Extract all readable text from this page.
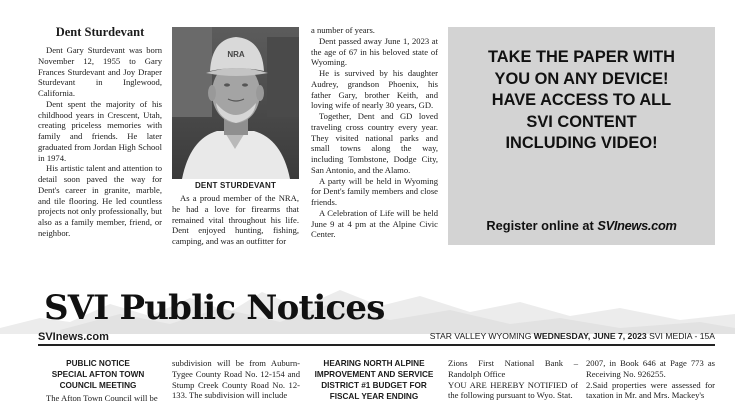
Dent Sturdevant

Dent Gary Sturdevant was born November 12, 1955 to Gary Frances Sturdevant and Joy Draper Sturdevant in Inglewood, California.

Dent spent the majority of his childhood years in Crescent, Utah, creating priceless memories with family and friends. He later graduated from Jordan High School in 1974.

His artistic talent and attention to detail soon paved the way for Dent's career in granite, marble, and tile flooring. He led countless projects not only professionally, but also as a family member, friend, or neighbor.

NRA
DENT STURDEVANT

As a proud member of the NRA, he had a love for firearms that remained vital throughout his life. Dent enjoyed hunting, fishing, camping, and was an outfitter for

a number of years.

Dent passed away June 1, 2023 at the age of 67 in his beloved state of Wyoming.

He is survived by his daughter Audrey, grandson Phoenix, his father Gary, brother Keith, and loving wife of nearly 30 years, GD.

Together, Dent and GD loved traveling cross country every year. They visited national parks and small towns along the way, including Tombstone, Dodge City, San Antonio, and the Alamo.

A party will be held in Wyoming for Dent's family members and close friends.

A Celebration of Life will be held June 9 at 4 pm at the Alpine Civic Center.

TAKE THE PAPER WITH
YOU ON ANY DEVICE!
HAVE ACCESS TO ALL
SVI CONTENT
INCLUDING VIDEO!
Register online at SVInews.com
SVI Public Notices
SVInews.com	STAR VALLEY WYOMING WEDNESDAY, JUNE 7, 2023 SVI MEDIA - 15A
PUBLIC NOTICE
SPECIAL AFTON TOWN
COUNCIL MEETING

The Afton Town Council will be

subdivision will be from Auburn-Tygee County Road No. 12-154 and Stump Creek County Road No. 12-133. The subdivision will include

HEARING NORTH ALPINE
IMPROVEMENT AND SERVICE
DISTRICT #1 BUDGET FOR
FISCAL YEAR ENDING

Zions First National Bank – Randolph Office

YOU ARE HEREBY NOTIFIED of the following pursuant to Wyo. Stat.

2007, in Book 646 at Page 773 as Receiving No. 926255.

2.Said properties were assessed for taxation in Mr. and Mrs. Mackey's
